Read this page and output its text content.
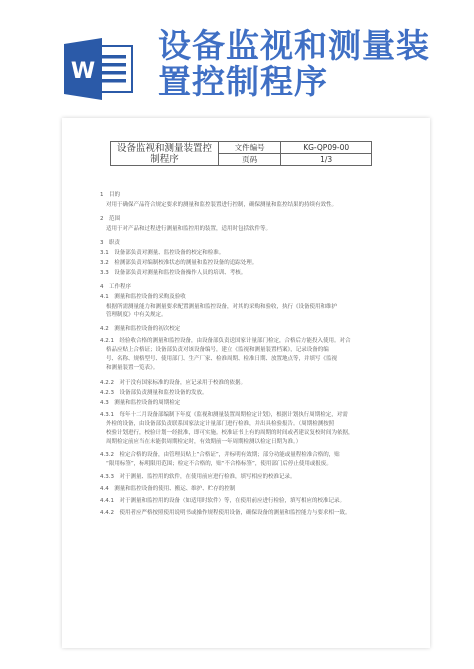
W
设备监视和测量装
置控制程序
设备监视和测量装置控制程序	文件编号	KG-QP09-00
	页码	1/3
1　目的
对用于确保产品符合规定要求的测量和监控装置进行控制，确保测量和监控结果的持续有效性。
2　范围
适用于对产品和过程进行测量和监控用的装置，适用时包括软件等。
3　职责
3.1　设备部负责对测量、监控设备的校定和检准。
3.2　检测部负责对编制校准状态的测量和监控设备的追踪处理。
3.3　设备部负责对测量和监控设备操作人员的培训、考核。
4　工作程序
4.1　测量和监控设备的采购及验收
根据所需测量能力和测量要求配置测量和监控设备，对其的采购和验收，执行《设备使用和维护
管理制度》中有关规定。
4.2　测量和监控设备的初次校定
4.2.1　经验收合格的测量和监控设备，由设备部负责送国家计量部门检定，合格后方能投入使用。对合
格品应贴上合格证；设备部负责对该设备编号，建立《监视和测量装置档案》，记录设备的编
号、名称、规格型号、使用部门、生产厂家、检准周期、检准日期、放置地点等，并填写《监视
和测量装置一览表》。
4.2.2　对于没有国家标准的设备，应记录用于校准的依据。
4.2.3　设备部负责测量和监控设备的发放。
4.3　测量和监控设备的周期检定
4.3.1　每年十二月设备部编制下年度《监视和测量装置周期检定计划》，根据计划执行周期检定，对需
外检的设备，由设备部负责联系国家法定计量部门进行检准，并出具检验报告。（周期检测按照
校验计划进行，校验计划一经批准，即可实施。校准证书上有的周期的时间或者建议复校时间为依据，
周期检定前应当在未能供周期检定时，有效期前一年周期检测以检定日期为准。）
4.3.2　检定合格的设备，由管理员贴上“合格证”，并标明有效期；部分功能或量程检准合格的，贴
“限用标签”，标明限用范围；检定不合格的，贴“不合格标签”，使用部门后停止使用或报废。
4.3.3　对于测量、监控用的软件，在使用前应进行检准，填写相应的校准记录。
4.4　测量和监控设备的使用、搬运、维护、贮存的控制
4.4.1　对于测量和监控用的设备（如适用时软件）等，在使用前应进行检验，填写相应的校准记录。
4.4.2　使用者应严格按照使用说明书或操作规程使用设备，确保设备的测量和监控能力与要求相一致。
